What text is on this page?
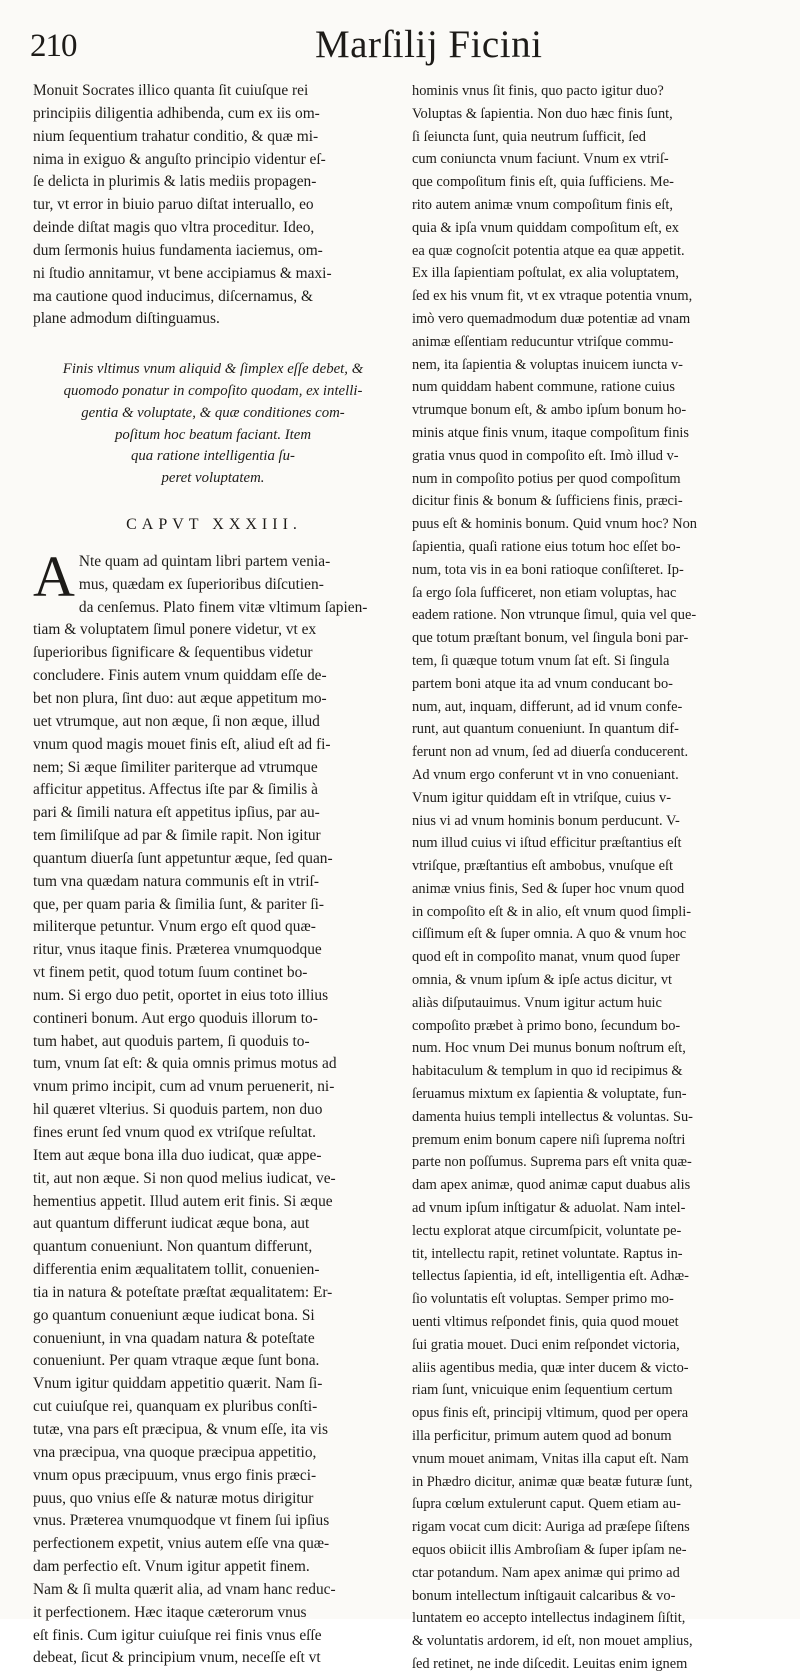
210	Marſilij Ficini

Monuit Socrates illico quanta ſit cuiuſque rei
principiis diligentia adhibenda, cum ex iis om-
nium ſequentium trahatur conditio, & quæ mi-
nima in exiguo & anguſto principio videntur eſ-
ſe delicta in plurimis & latis mediis propagen-
tur, vt error in biuio paruo diſtat interuallo, eo
deinde diſtat magis quo vltra proceditur. Ideo,
dum ſermonis huius fundamenta iaciemus, om-
ni ſtudio annitamur, vt bene accipiamus & maxi-
ma cautione quod inducimus, diſcernamus, &
plane admodum diſtinguamus.

Finis vltimus vnum aliquid & ſimplex eſſe debet, &
quomodo ponatur in compoſito quodam, ex intelli-
gentia & voluptate, & quæ conditiones com-
poſitum hoc beatum faciant. Item
qua ratione intelligentia ſu-
peret voluptatem.

CAPVT XXXIII.
A Nte quam ad quintam libri partem venia-
mus, quædam ex ſuperioribus diſcutien-
da cenſemus. Plato finem vitæ vltimum ſapien-

tiam & voluptatem ſimul ponere videtur, vt ex
ſuperioribus ſignificare & ſequentibus videtur
concludere. Finis autem vnum quiddam eſſe de-
bet non plura, ſint duo: aut æque appetitum mo-
uet vtrumque, aut non æque, ſi non æque, illud
vnum quod magis mouet finis eſt, aliud eſt ad fi-
nem; Si æque ſimiliter pariterque ad vtrumque
afficitur appetitus. Affectus iſte par & ſimilis à
pari & ſimili natura eſt appetitus ipſius, par au-
tem ſimiliſque ad par & ſimile rapit. Non igitur
quantum diuerſa ſunt appetuntur æque, ſed quan-
tum vna quædam natura communis eſt in vtriſ-
que, per quam paria & ſimilia ſunt, & pariter ſi-
militerque petuntur. Vnum ergo eſt quod quæ-
ritur, vnus itaque finis. Præterea vnumquodque
vt finem petit, quod totum ſuum continet bo-
num. Si ergo duo petit, oportet in eius toto illius
contineri bonum. Aut ergo quoduis illorum to-
tum habet, aut quoduis partem, ſi quoduis to-
tum, vnum ſat eſt: & quia omnis primus motus ad
vnum primo incipit, cum ad vnum peruenerit, ni-
hil quæret vlterius. Si quoduis partem, non duo
fines erunt ſed vnum quod ex vtriſque reſultat.
Item aut æque bona illa duo iudicat, quæ appe-
tit, aut non æque. Si non quod melius iudicat, ve-
hementius appetit. Illud autem erit finis. Si æque
aut quantum differunt iudicat æque bona, aut
quantum conueniunt. Non quantum differunt,
differentia enim æqualitatem tollit, conuenien-
tia in natura & poteſtate præſtat æqualitatem: Er-
go quantum conueniunt æque iudicat bona. Si
conueniunt, in vna quadam natura & poteſtate
conueniunt. Per quam vtraque æque ſunt bona.
Vnum igitur quiddam appetitio quærit. Nam ſi-
cut cuiuſque rei, quanquam ex pluribus conſti-
tutæ, vna pars eſt præcipua, & vnum eſſe, ita vis
vna præcipua, vna quoque præcipua appetitio,
vnum opus præcipuum, vnus ergo finis præci-
puus, quo vnius eſſe & naturæ motus dirigitur
vnus. Præterea vnumquodque vt finem ſui ipſius
perfectionem expetit, vnius autem eſſe vna quæ-
dam perfectio eſt. Vnum igitur appetit finem.
Nam & ſi multa quærit alia, ad vnam hanc reduc-
it perfectionem. Hæc itaque cæterorum vnus
eſt finis. Cum igitur cuiuſque rei finis vnus eſſe
debeat, ſicut & principium vnum, neceſſe eſt vt

hominis vnus ſit finis, quo pacto igitur duo?
Voluptas & ſapientia. Non duo hæc finis ſunt,
ſi ſeiuncta ſunt, quia neutrum ſufficit, ſed
cum coniuncta vnum faciunt. Vnum ex vtriſ-
que compoſitum finis eſt, quia ſufficiens. Me-
rito autem animæ vnum compoſitum finis eſt,
quia & ipſa vnum quiddam compoſitum eſt, ex
ea quæ cognoſcit potentia atque ea quæ appetit.
Ex illa ſapientiam poſtulat, ex alia voluptatem,
ſed ex his vnum fit, vt ex vtraque potentia vnum,
imò vero quemadmodum duæ potentiæ ad vnam
animæ eſſentiam reducuntur vtriſque commu-
nem, ita ſapientia & voluptas inuicem iuncta v-
num quiddam habent commune, ratione cuius
vtrumque bonum eſt, & ambo ipſum bonum ho-
minis atque finis vnum, itaque compoſitum finis
gratia vnus quod in compoſito eſt. Imò illud v-
num in compoſito potius per quod compoſitum
dicitur finis & bonum & ſufficiens finis, præci-
puus eſt & hominis bonum. Quid vnum hoc? Non
ſapientia, quaſi ratione eius totum hoc eſſet bo-
num, tota vis in ea boni ratioque conſiſteret. Ip-
ſa ergo ſola ſufficeret, non etiam voluptas, hac
eadem ratione. Non vtrunque ſimul, quia vel que-
que totum præſtant bonum, vel ſingula boni par-
tem, ſi quæque totum vnum ſat eſt. Si ſingula
partem boni atque ita ad vnum conducant bo-
num, aut, inquam, differunt, ad id vnum confe-
runt, aut quantum conueniunt. In quantum dif-
ferunt non ad vnum, ſed ad diuerſa conducerent.
Ad vnum ergo conferunt vt in vno conueniant.
Vnum igitur quiddam eſt in vtriſque, cuius v-
nius vi ad vnum hominis bonum perducunt. V-
num illud cuius vi iſtud efficitur præſtantius eſt
vtriſque, præſtantius eſt ambobus, vnuſque eſt
animæ vnius finis, Sed & ſuper hoc vnum quod
in compoſito eſt & in alio, eſt vnum quod ſimpli-
ciſſimum eſt & ſuper omnia. A quo & vnum hoc
quod eſt in compoſito manat, vnum quod ſuper
omnia, & vnum ipſum & ipſe actus dicitur, vt
aliàs diſputauimus. Vnum igitur actum huic
compoſito præbet à primo bono, ſecundum bo-
num. Hoc vnum Dei munus bonum noſtrum eſt,
habitaculum & templum in quo id recipimus &
ſeruamus mixtum ex ſapientia & voluptate, fun-
damenta huius templi intellectus & voluntas. Su-
premum enim bonum capere niſi ſuprema noſtri
parte non poſſumus. Suprema pars eſt vnita quæ-
dam apex animæ, quod animæ caput duabus alis
ad vnum ipſum inſtigatur & aduolat. Nam intel-
lectu explorat atque circumſpicit, voluntate pe-
tit, intellectu rapit, retinet voluntate. Raptus in-
tellectus ſapientia, id eſt, intelligentia eſt. Adhæ-
ſio voluntatis eſt voluptas. Semper primo mo-
uenti vltimus reſpondet finis, quia quod mouet
ſui gratia mouet. Duci enim reſpondet victoria,
aliis agentibus media, quæ inter ducem & victo-
riam ſunt, vnicuique enim ſequentium certum
opus finis eſt, principij vltimum, quod per opera
illa perficitur, primum autem quod ad bonum
vnum mouet animam, Vnitas illa caput eſt. Nam
in Phædro dicitur, animæ quæ beatæ futuræ ſunt,
ſupra cœlum extulerunt caput. Quem etiam au-
rigam vocat cum dicit: Auriga ad præſepe ſiſtens
equos obiicit illis Ambroſiam & ſuper ipſam ne-
ctar potandum. Nam apex animæ qui primo ad
bonum intellectum inſtigauit calcaribus & vo-
luntatem eo accepto intellectus indaginem ſiſtit,
& voluntatis ardorem, id eſt, non mouet amplius,
ſed retinet, ne inde diſcedit. Leuitas enim ignem
